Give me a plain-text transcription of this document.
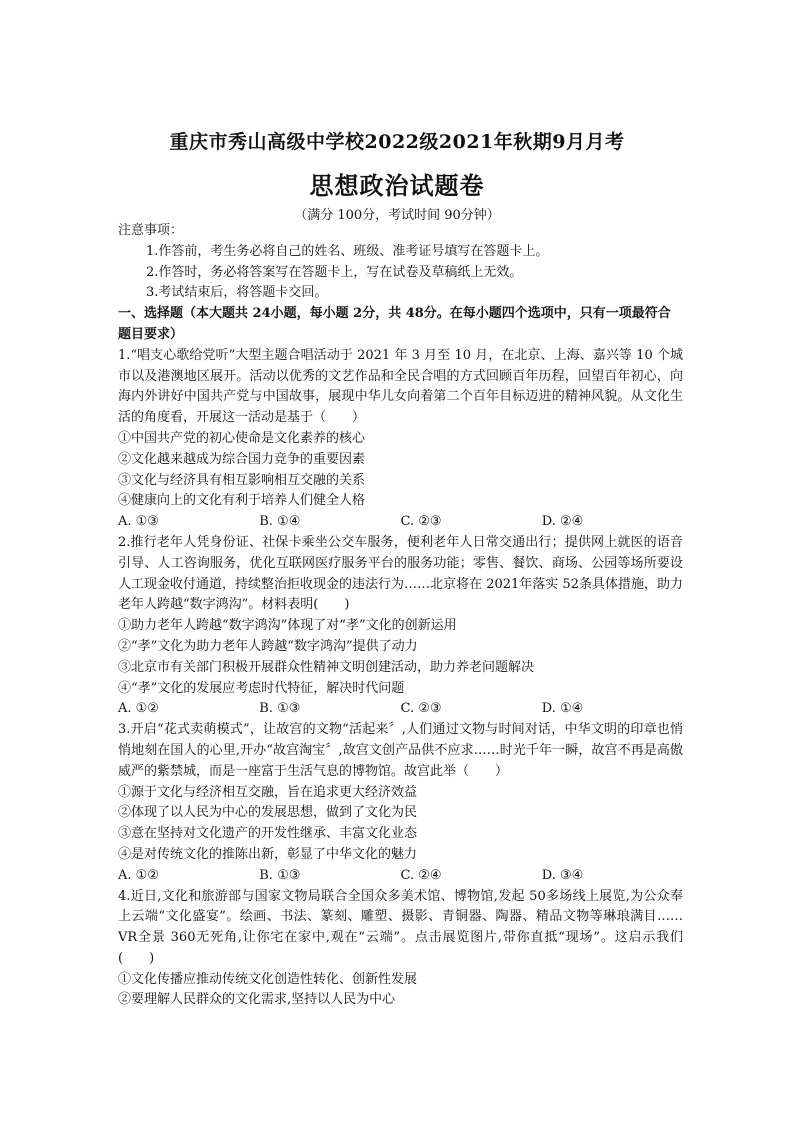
重庆市秀山高级中学校2022级2021年秋期9月月考
思想政治试题卷
（满分 100分，考试时间 90分钟）

注意事项：

1.作答前，考生务必将自己的姓名、班级、准考证号填写在答题卡上。

2.作答时，务必将答案写在答题卡上，写在试卷及草稿纸上无效。

3.考试结束后，将答题卡交回。

一、选择题（本大题共 24小题，每小题 2分，共 48分。在每小题四个选项中，只有一项最符合题目要求）

1.“唱支心歌给党听”大型主题合唱活动于 2021 年 3 月至 10 月，在北京、上海、嘉兴等 10 个城市以及港澳地区展开。活动以优秀的文艺作品和全民合唱的方式回顾百年历程，回望百年初心，向海内外讲好中国共产党与中国故事，展现中华儿女向着第二个百年目标迈进的精神风貌。从文化生活的角度看，开展这一活动是基于（　　）

①中国共产党的初心使命是文化素养的核心

②文化越来越成为综合国力竞争的重要因素

③文化与经济具有相互影响相互交融的关系

④健康向上的文化有利于培养人们健全人格

A. ①③	B. ①④	C. ②③	D. ②④

2.推行老年人凭身份证、社保卡乘坐公交车服务，便利老年人日常交通出行；提供网上就医的语音引导、人工咨询服务，优化互联网医疗服务平台的服务功能；零售、餐饮、商场、公园等场所要设人工现金收付通道，持续整治拒收现金的违法行为……北京将在 2021年落实 52条具体措施，助力老年人跨越“数字鸿沟”。材料表明(　　)

①助力老年人跨越“数字鸿沟”体现了对“孝”文化的创新运用

②“孝”文化为助力老年人跨越“数字鸿沟”提供了动力

③北京市有关部门积极开展群众性精神文明创建活动，助力养老问题解决

④“孝”文化的发展应考虑时代特征，解决时代问题

A. ①②	B. ①③	C. ②③	D. ①④

3.开启“花式卖萌模式”，让故宫的文物“活起来〞,人们通过文物与时间对话，中华文明的印章也悄悄地刻在国人的心里,开办“故宫淘宝〞,故宫文创产品供不应求……时光千年一瞬，故宫不再是高傲威严的紫禁城，而是一座富于生活气息的博物馆。故宫此举（　　）

①源于文化与经济相互交融，旨在追求更大经济效益

②体现了以人民为中心的发展思想，做到了文化为民

③意在坚持对文化遗产的开发性继承、丰富文化业态

④是对传统文化的推陈出新，彰显了中华文化的魅力

A. ①②	B. ①③	C. ②④	D. ③④

4.近日,文化和旅游部与国家文物局联合全国众多美术馆、博物馆,发起 50多场线上展览,为公众奉上云端“文化盛宴”。绘画、书法、篆刻、雕塑、摄影、青铜器、陶器、精品文物等琳琅满目……VR全景 360无死角,让你宅在家中,观在“云端”。点击展览图片,带你直抵“现场”。这启示我们(　　)

①文化传播应推动传统文化创造性转化、创新性发展

②要理解人民群众的文化需求,坚持以人民为中心
